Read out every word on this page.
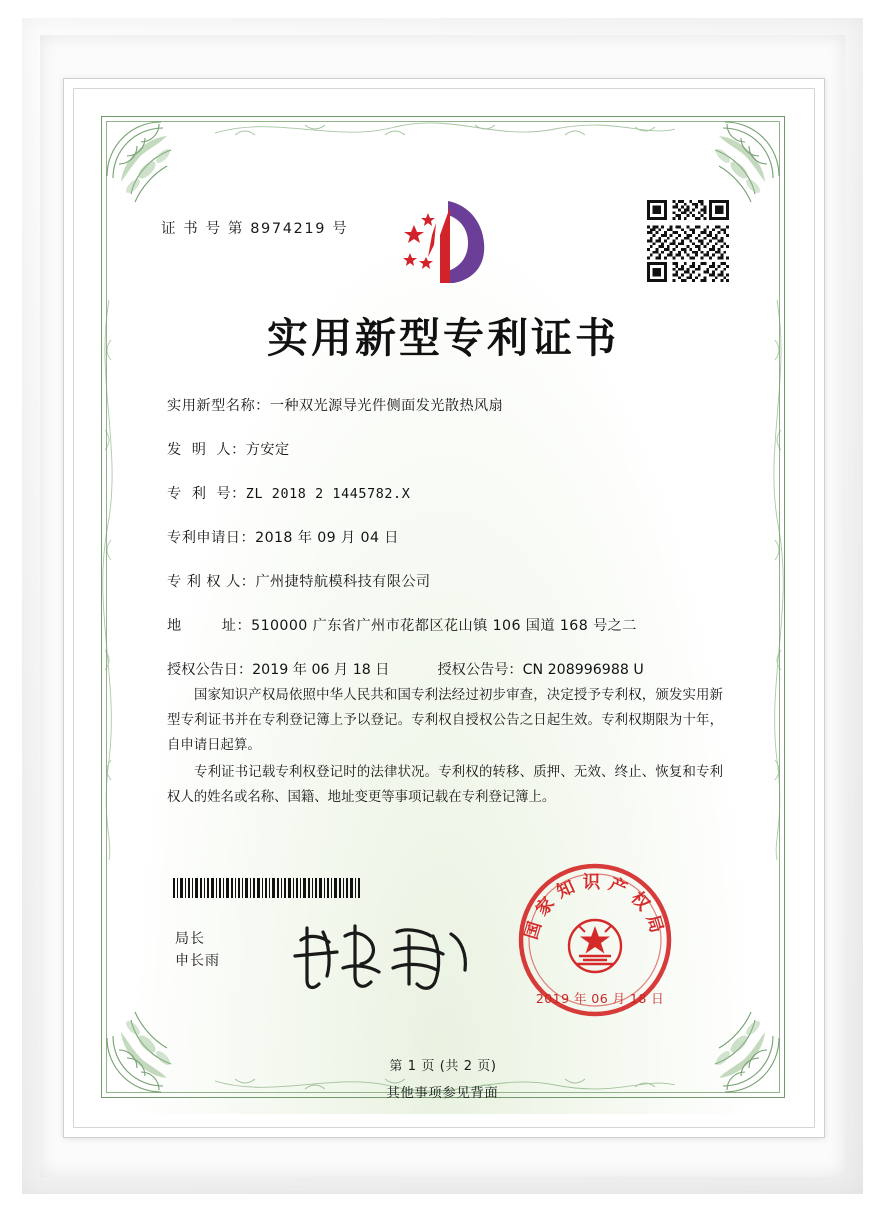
证 书 号 第 8974219 号
实用新型专利证书
实用新型名称： 一种双光源导光件侧面发光散热风扇
发  明  人： 方安定
专  利  号： ZL 2018 2 1445782.X
专利申请日： 2018 年 09 月 04 日
专 利 权 人： 广州捷特航模科技有限公司
地        址： 510000 广东省广州市花都区花山镇 106 国道 168 号之二
授权公告日：2019 年 06 月 18 日	授权公告号：CN 208996988 U

国家知识产权局依照中华人民共和国专利法经过初步审查，决定授予专利权，颁发实用新型专利证书并在专利登记簿上予以登记。专利权自授权公告之日起生效。专利权期限为十年，自申请日起算。

专利证书记载专利权登记时的法律状况。专利权的转移、质押、无效、终止、恢复和专利权人的姓名或名称、国籍、地址变更等事项记载在专利登记簿上。

局长
申长雨
国家知识产权局
2019 年 06 月 18 日
第 1 页 (共 2 页)
其他事项参见背面
